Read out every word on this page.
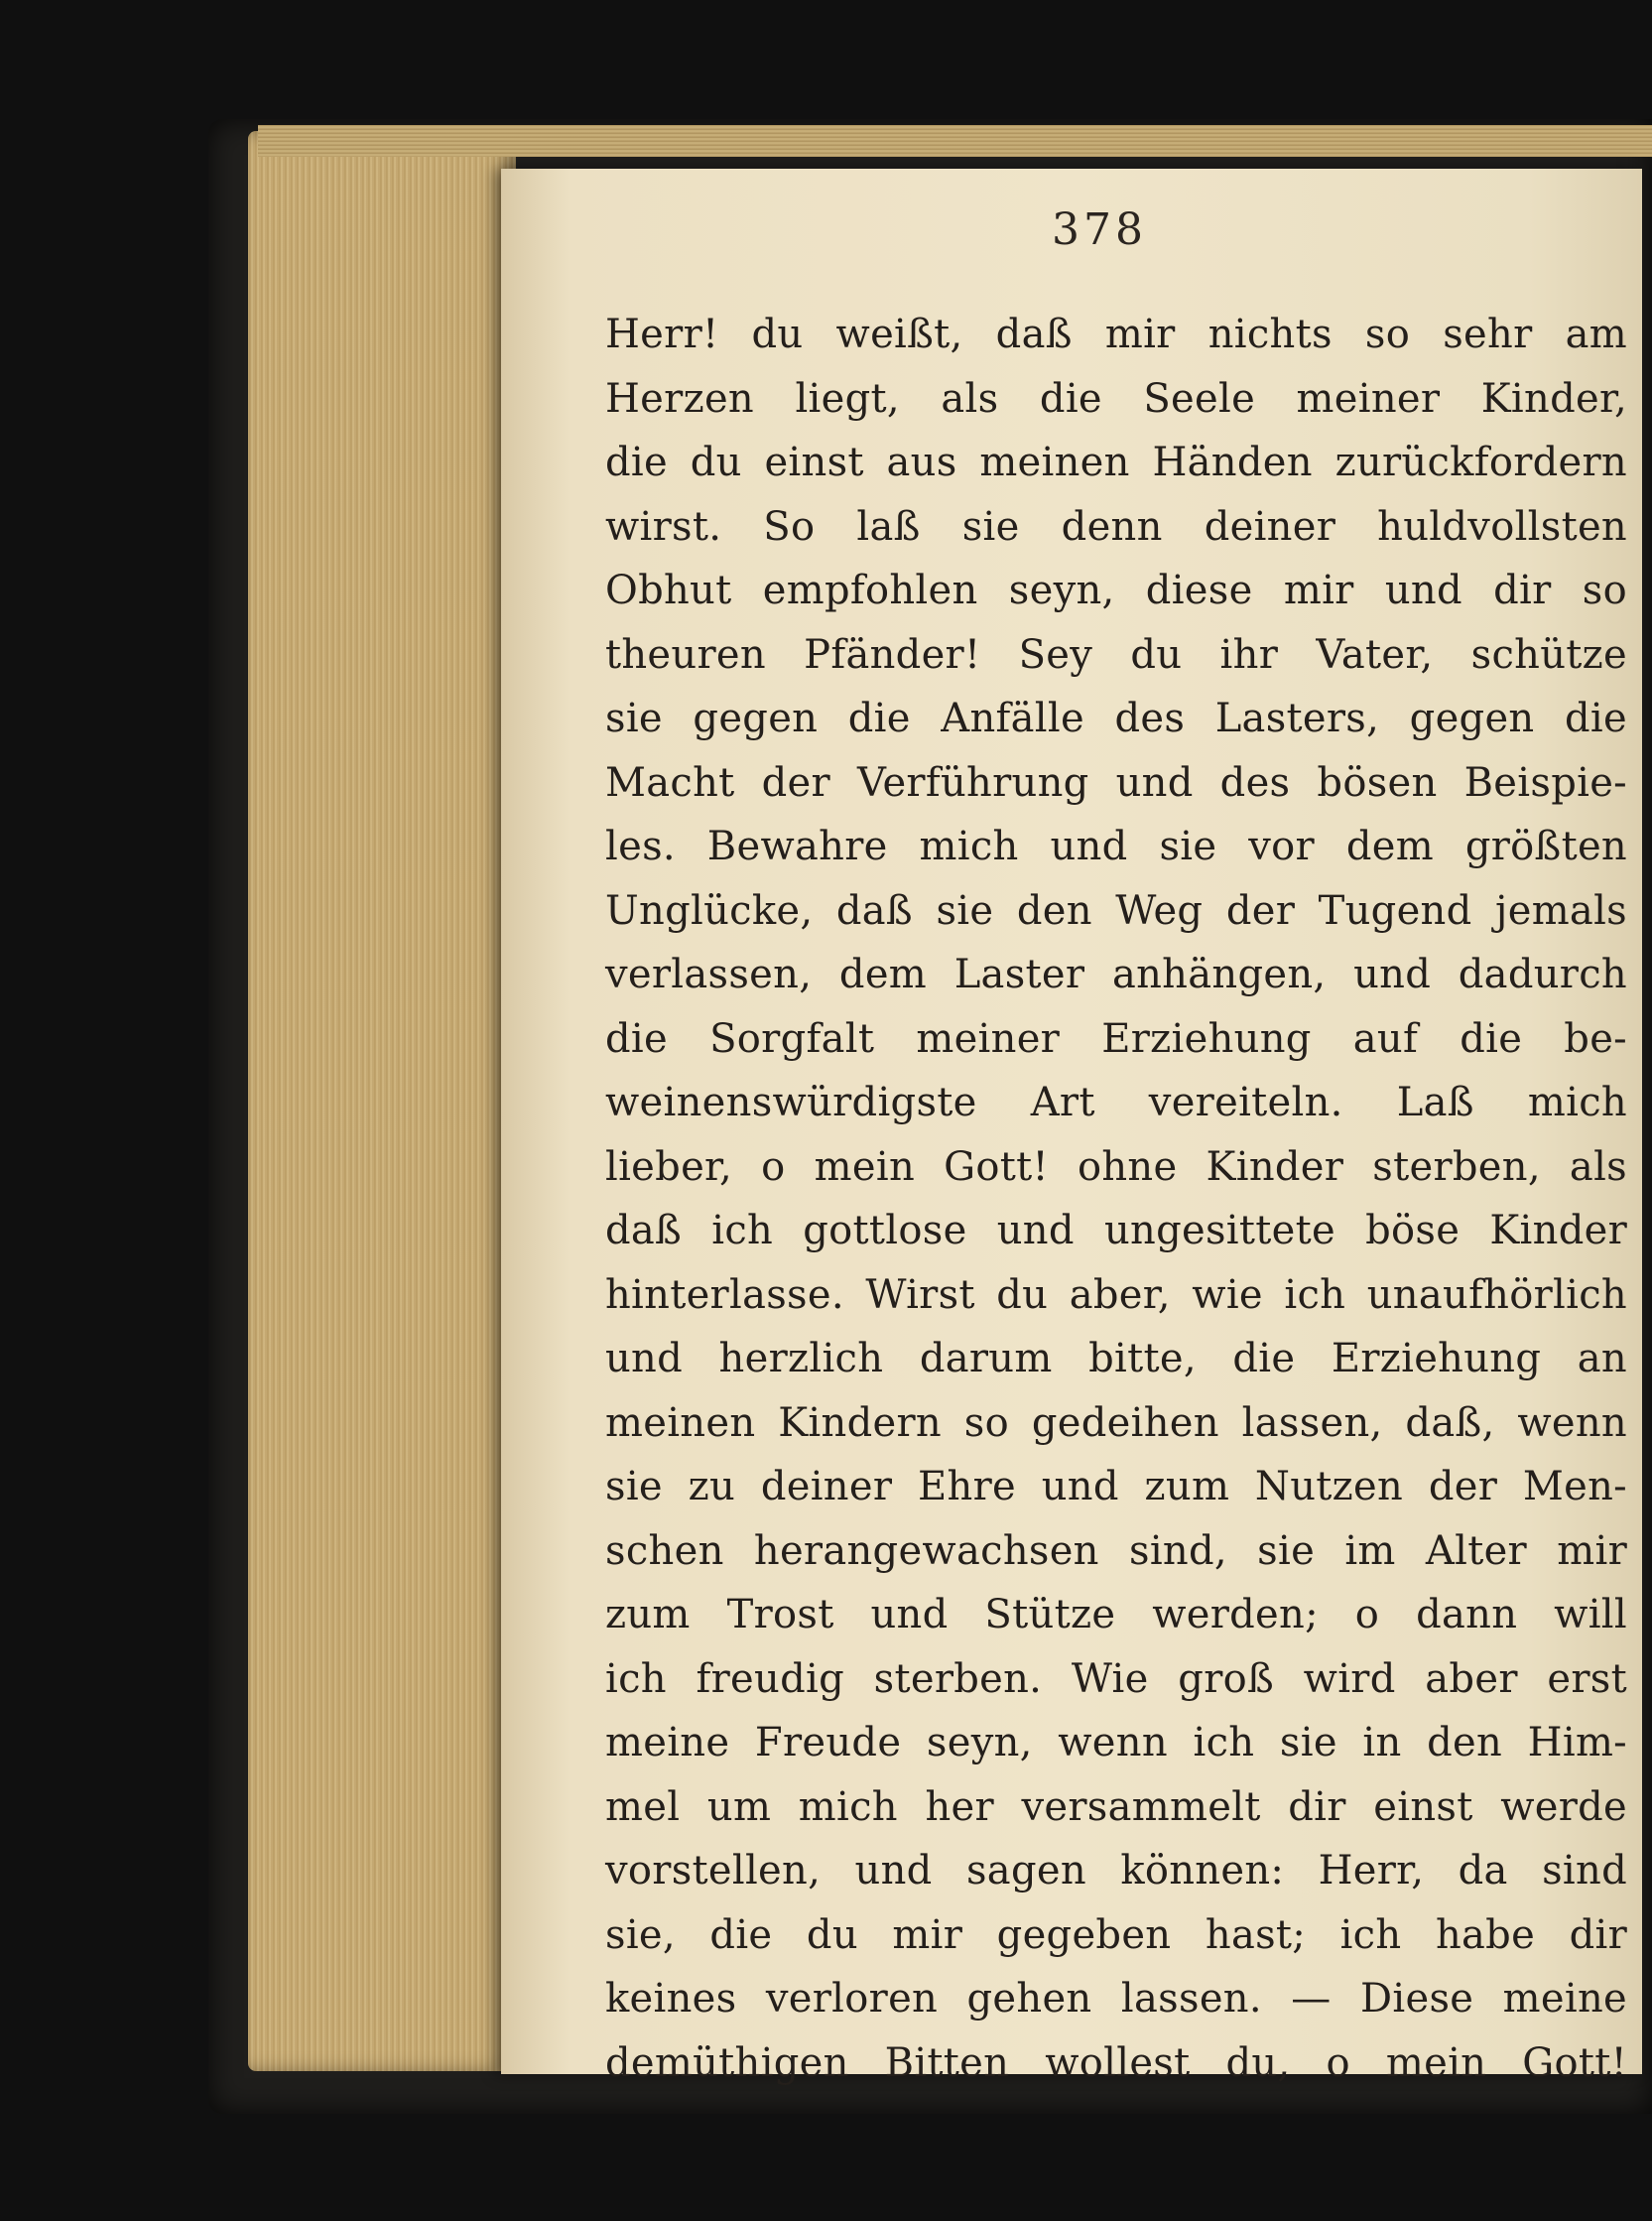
378
Herr! du weißt, daß mir nichts so sehr am
Herzen liegt, als die Seele meiner Kinder,
die du einst aus meinen Händen zurückfordern
wirst. So laß sie denn deiner huldvollsten
Obhut empfohlen seyn, diese mir und dir so
theuren Pfänder! Sey du ihr Vater, schütze
sie gegen die Anfälle des Lasters, gegen die
Macht der Verführung und des bösen Beispie-
les. Bewahre mich und sie vor dem größten
Unglücke, daß sie den Weg der Tugend jemals
verlassen, dem Laster anhängen, und dadurch
die Sorgfalt meiner Erziehung auf die be-
weinenswürdigste Art vereiteln. Laß mich
lieber, o mein Gott! ohne Kinder sterben, als
daß ich gottlose und ungesittete böse Kinder
hinterlasse. Wirst du aber, wie ich unaufhörlich
und herzlich darum bitte, die Erziehung an
meinen Kindern so gedeihen lassen, daß, wenn
sie zu deiner Ehre und zum Nutzen der Men-
schen herangewachsen sind, sie im Alter mir
zum Trost und Stütze werden; o dann will
ich freudig sterben. Wie groß wird aber erst
meine Freude seyn, wenn ich sie in den Him-
mel um mich her versammelt dir einst werde
vorstellen, und sagen können: Herr, da sind
sie, die du mir gegeben hast; ich habe dir
keines verloren gehen lassen. — Diese meine
demüthigen Bitten wollest du, o mein Gott!
